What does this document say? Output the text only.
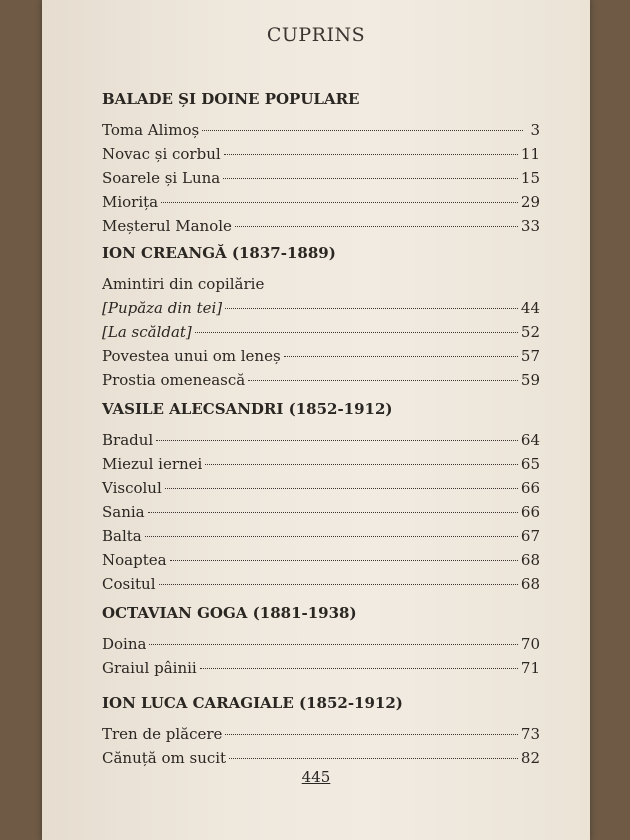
CUPRINS
BALADE ȘI DOINE POPULARE
Toma Alimoș	3
Novac și corbul	11
Soarele și Luna	15
Miorița	29
Meșterul Manole	33
ION CREANGĂ (1837-1889)
Amintiri din copilărie
[Pupăza din tei]	44
[La scăldat]	52
Povestea unui om leneș	57
Prostia omenească	59
VASILE ALECSANDRI (1852-1912)
Bradul	64
Miezul iernei	65
Viscolul	66
Sania	66
Balta	67
Noaptea	68
Cositul	68
OCTAVIAN GOGA (1881-1938)
Doina	70
Graiul pâinii	71
ION LUCA CARAGIALE (1852-1912)
Tren de plăcere	73
Cănuță om sucit	82
445
